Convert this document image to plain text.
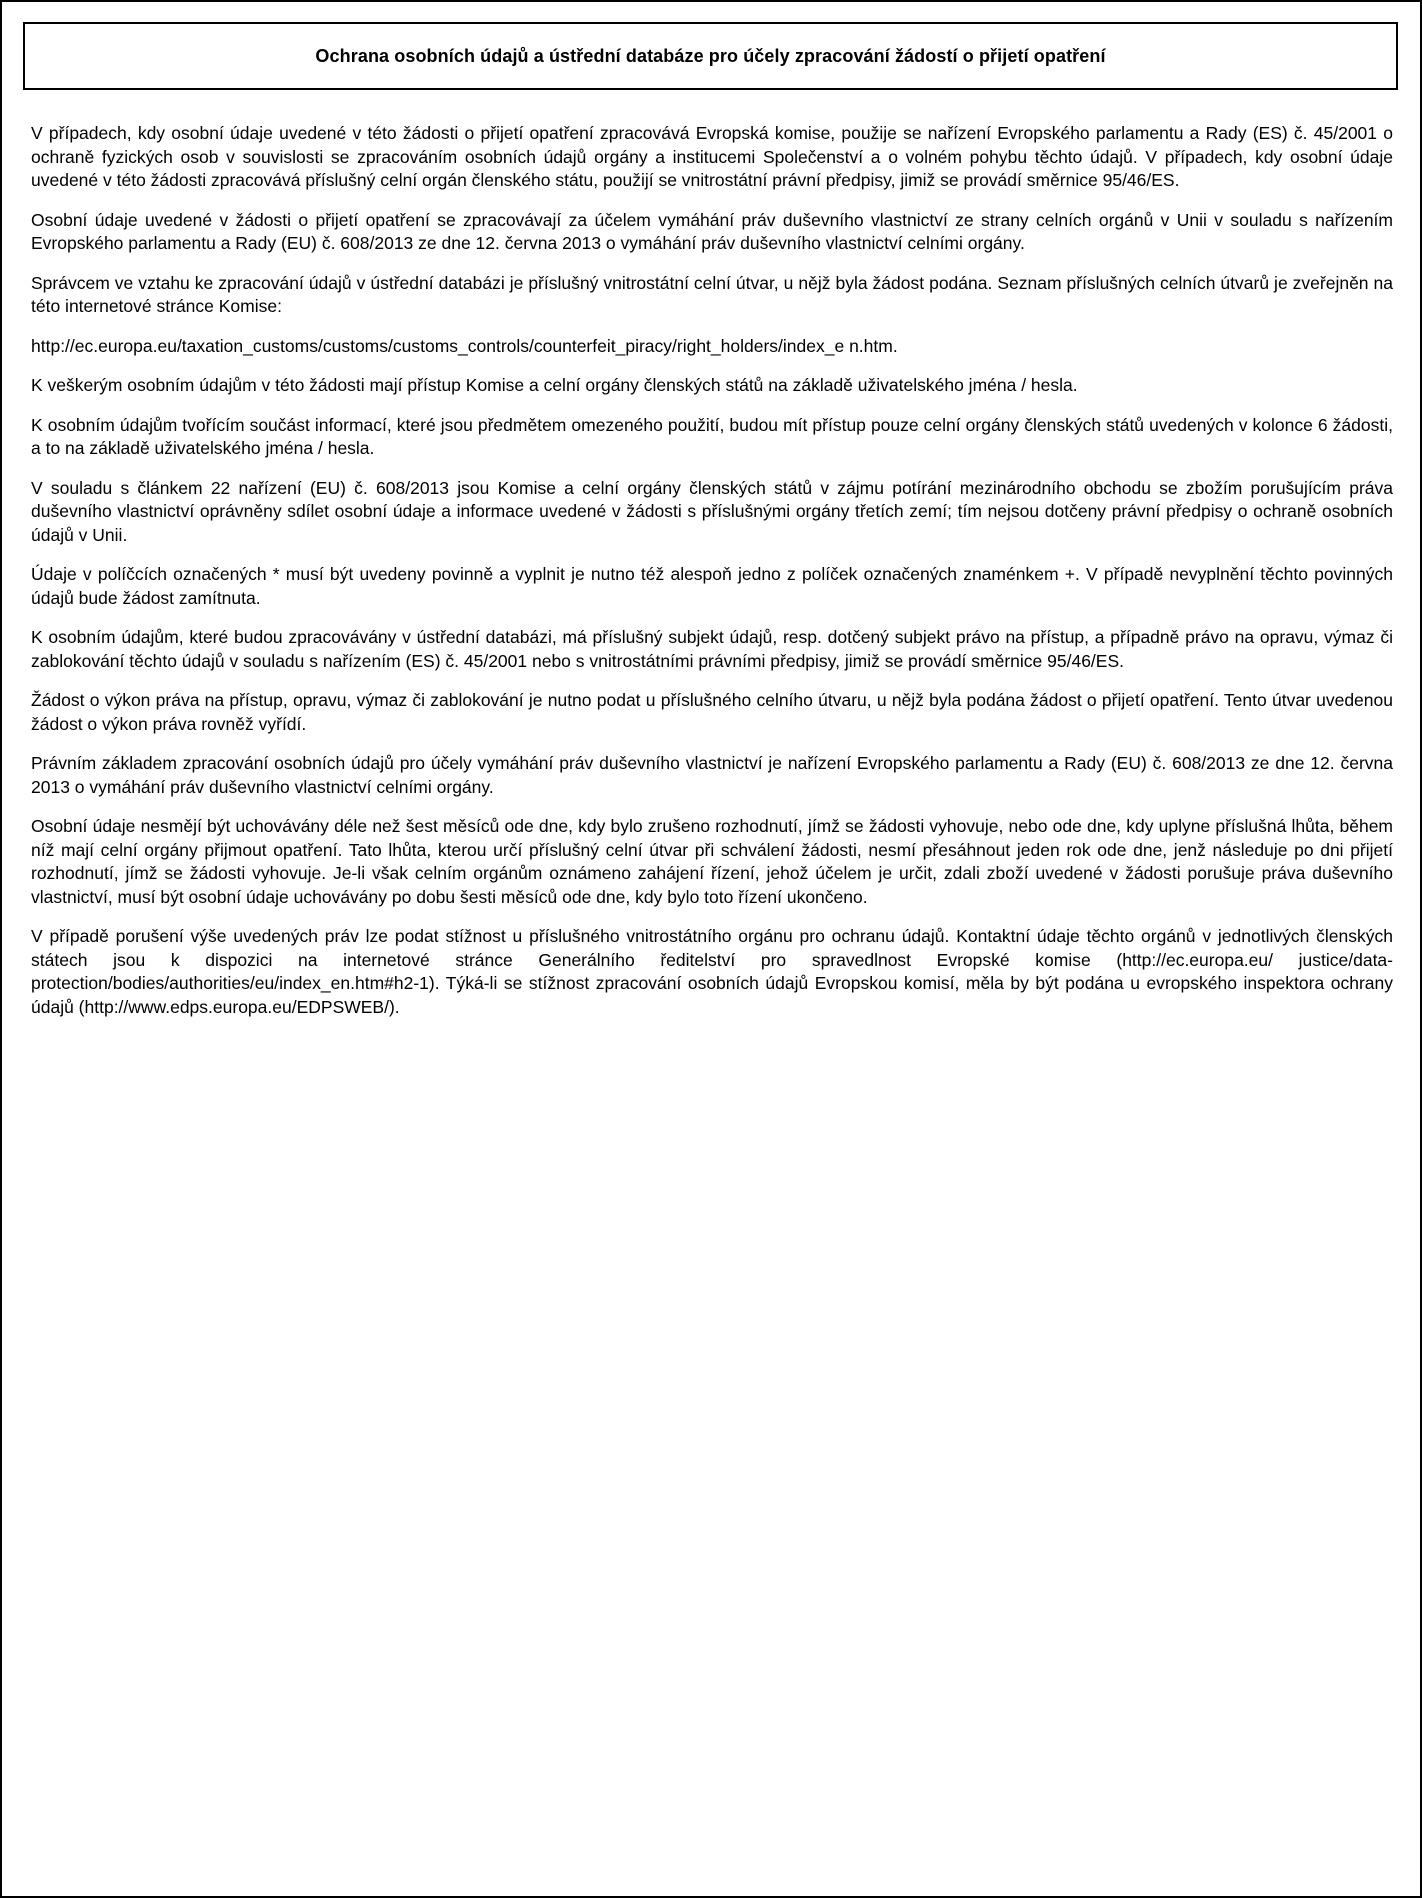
Ochrana osobních údajů a ústřední databáze pro účely zpracování žádostí o přijetí opatření

V případech, kdy osobní údaje uvedené v této žádosti o přijetí opatření zpracovává Evropská komise, použije se nařízení Evropského parlamentu a Rady (ES) č. 45/2001 o ochraně fyzických osob v souvislosti se zpracováním osobních údajů orgány a institucemi Společenství a o volném pohybu těchto údajů. V případech, kdy osobní údaje uvedené v této žádosti zpracovává příslušný celní orgán členského státu, použijí se vnitrostátní právní předpisy, jimiž se provádí směrnice 95/46/ES.

Osobní údaje uvedené v žádosti o přijetí opatření se zpracovávají za účelem vymáhání práv duševního vlastnictví ze strany celních orgánů v Unii v souladu s nařízením Evropského parlamentu a Rady (EU) č. 608/2013 ze dne 12. června 2013 o vymáhání práv duševního vlastnictví celními orgány.

Správcem ve vztahu ke zpracování údajů v ústřední databázi je příslušný vnitrostátní celní útvar, u nějž byla žádost podána. Seznam příslušných celních útvarů je zveřejněn na této internetové stránce Komise:

http://ec.europa.eu/taxation_customs/customs/customs_controls/counterfeit_piracy/right_holders/index_e n.htm.

K veškerým osobním údajům v této žádosti mají přístup Komise a celní orgány členských států na základě uživatelského jména / hesla.

K osobním údajům tvořícím součást informací, které jsou předmětem omezeného použití, budou mít přístup pouze celní orgány členských států uvedených v kolonce 6 žádosti, a to na základě uživatelského jména / hesla.

V souladu s článkem 22 nařízení (EU) č. 608/2013 jsou Komise a celní orgány členských států v zájmu potírání mezinárodního obchodu se zbožím porušujícím práva duševního vlastnictví oprávněny sdílet osobní údaje a informace uvedené v žádosti s příslušnými orgány třetích zemí; tím nejsou dotčeny právní předpisy o ochraně osobních údajů v Unii.

Údaje v políčcích označených * musí být uvedeny povinně a vyplnit je nutno též alespoň jedno z políček označených znaménkem +. V případě nevyplnění těchto povinných údajů bude žádost zamítnuta.

K osobním údajům, které budou zpracovávány v ústřední databázi, má příslušný subjekt údajů, resp. dotčený subjekt právo na přístup, a případně právo na opravu, výmaz či zablokování těchto údajů v souladu s nařízením (ES) č. 45/2001 nebo s vnitrostátními právními předpisy, jimiž se provádí směrnice 95/46/ES.

Žádost o výkon práva na přístup, opravu, výmaz či zablokování je nutno podat u příslušného celního útvaru, u nějž byla podána žádost o přijetí opatření. Tento útvar uvedenou žádost o výkon práva rovněž vyřídí.

Právním základem zpracování osobních údajů pro účely vymáhání práv duševního vlastnictví je nařízení Evropského parlamentu a Rady (EU) č. 608/2013 ze dne 12. června 2013 o vymáhání práv duševního vlastnictví celními orgány.

Osobní údaje nesmějí být uchovávány déle než šest měsíců ode dne, kdy bylo zrušeno rozhodnutí, jímž se žádosti vyhovuje, nebo ode dne, kdy uplyne příslušná lhůta, během níž mají celní orgány přijmout opatření. Tato lhůta, kterou určí příslušný celní útvar při schválení žádosti, nesmí přesáhnout jeden rok ode dne, jenž následuje po dni přijetí rozhodnutí, jímž se žádosti vyhovuje. Je-li však celním orgánům oznámeno zahájení řízení, jehož účelem je určit, zdali zboží uvedené v žádosti porušuje práva duševního vlastnictví, musí být osobní údaje uchovávány po dobu šesti měsíců ode dne, kdy bylo toto řízení ukončeno.

V případě porušení výše uvedených práv lze podat stížnost u příslušného vnitrostátního orgánu pro ochranu údajů. Kontaktní údaje těchto orgánů v jednotlivých členských státech jsou k dispozici na internetové stránce Generálního ředitelství pro spravedlnost Evropské komise (http://ec.europa.eu/ justice/data-protection/bodies/authorities/eu/index_en.htm#h2-1). Týká-li se stížnost zpracování osobních údajů Evropskou komisí, měla by být podána u evropského inspektora ochrany údajů (http://www.edps.europa.eu/EDPSWEB/).
